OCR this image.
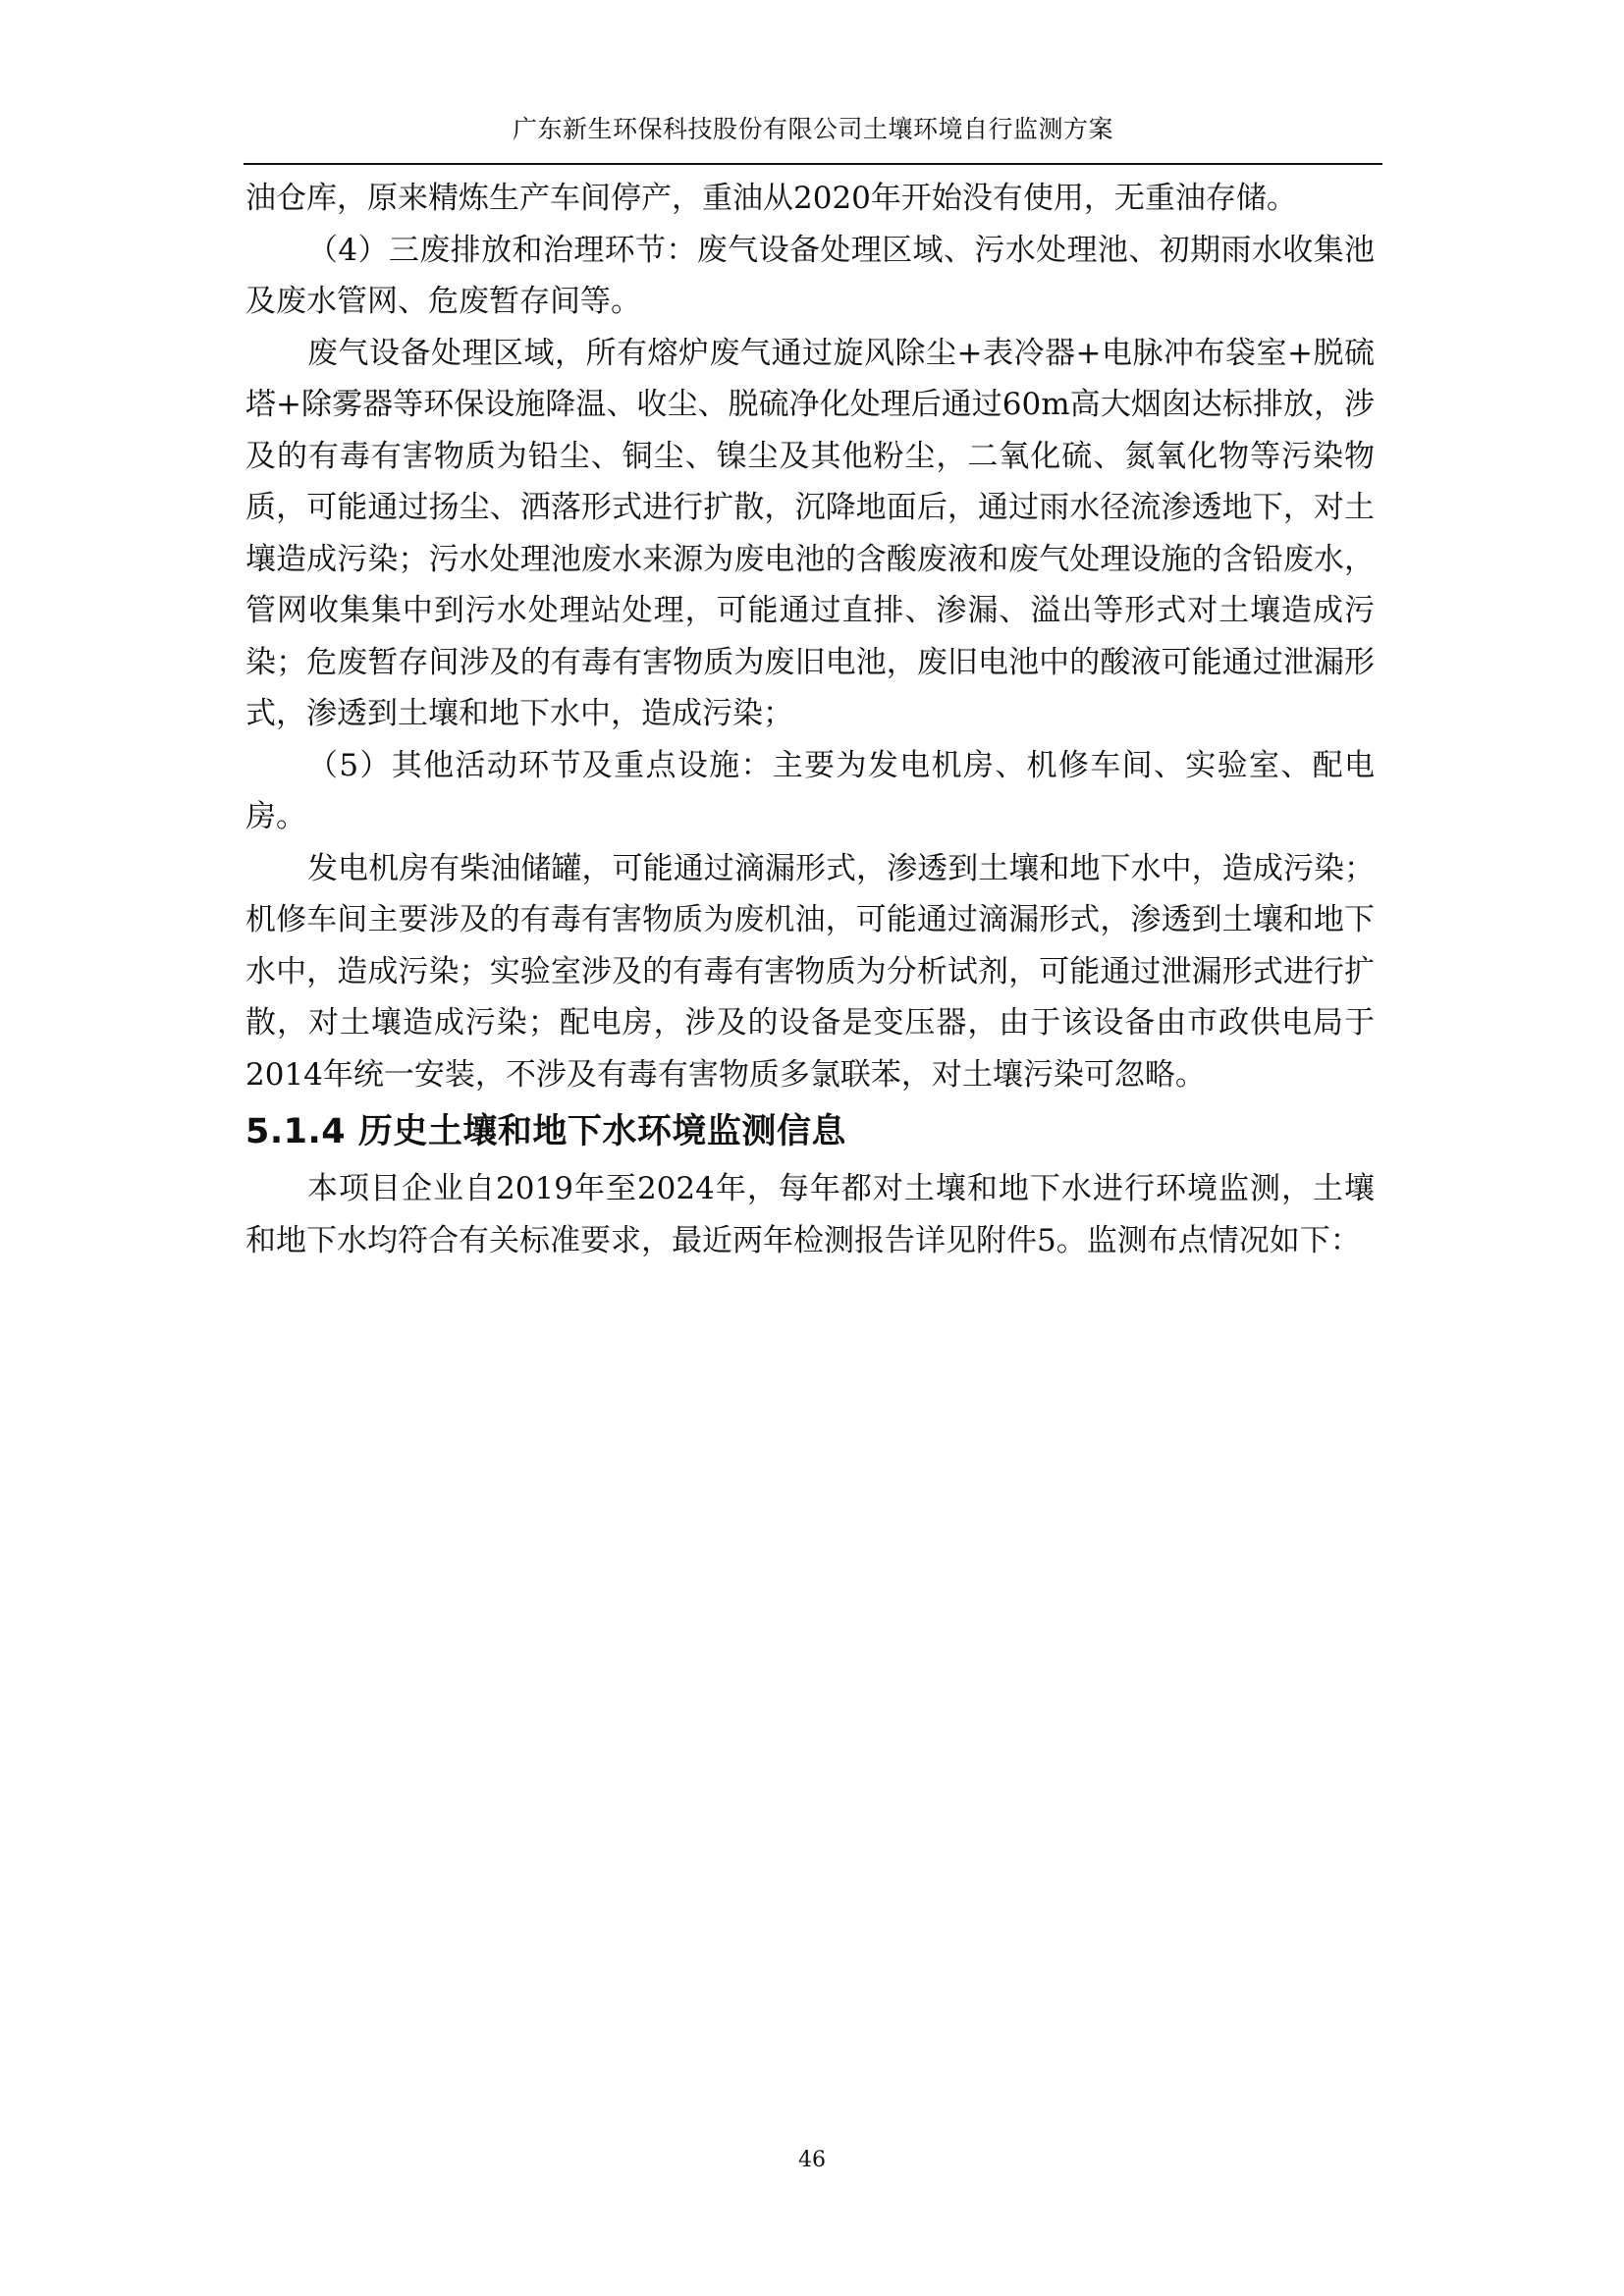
广东新生环保科技股份有限公司土壤环境自行监测方案

油仓库，原来精炼生产车间停产，重油从2020年开始没有使用，无重油存储。

（4）三废排放和治理环节：废气设备处理区域、污水处理池、初期雨水收集池及废水管网、危废暂存间等。

废气设备处理区域，所有熔炉废气通过旋风除尘+表冷器+电脉冲布袋室+脱硫塔+除雾器等环保设施降温、收尘、脱硫净化处理后通过60m高大烟囱达标排放，涉及的有毒有害物质为铅尘、铜尘、镍尘及其他粉尘，二氧化硫、氮氧化物等污染物质，可能通过扬尘、洒落形式进行扩散，沉降地面后，通过雨水径流渗透地下，对土壤造成污染；污水处理池废水来源为废电池的含酸废液和废气处理设施的含铅废水，管网收集集中到污水处理站处理，可能通过直排、渗漏、溢出等形式对土壤造成污染；危废暂存间涉及的有毒有害物质为废旧电池，废旧电池中的酸液可能通过泄漏形式，渗透到土壤和地下水中，造成污染；

（5）其他活动环节及重点设施：主要为发电机房、机修车间、实验室、配电房。

发电机房有柴油储罐，可能通过滴漏形式，渗透到土壤和地下水中，造成污染；机修车间主要涉及的有毒有害物质为废机油，可能通过滴漏形式，渗透到土壤和地下水中，造成污染；实验室涉及的有毒有害物质为分析试剂，可能通过泄漏形式进行扩散，对土壤造成污染；配电房，涉及的设备是变压器，由于该设备由市政供电局于2014年统一安装，不涉及有毒有害物质多氯联苯，对土壤污染可忽略。

5.1.4 历史土壤和地下水环境监测信息

本项目企业自2019年至2024年，每年都对土壤和地下水进行环境监测，土壤和地下水均符合有关标准要求，最近两年检测报告详见附件5。监测布点情况如下：

46
